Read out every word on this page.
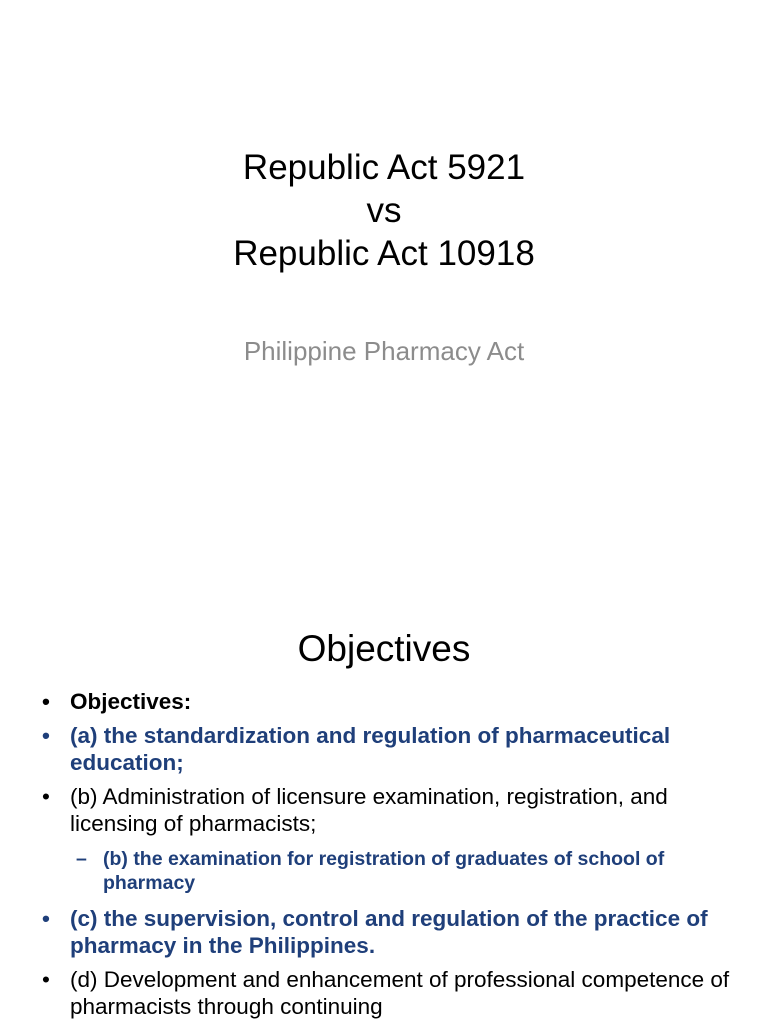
Republic Act 5921
vs
Republic Act 10918
Philippine Pharmacy Act
Objectives
• Objectives:
• (a) the standardization and regulation of pharmaceutical education;
• (b) Administration of licensure examination, registration, and licensing of pharmacists;
– (b) the examination for registration of graduates of school of pharmacy
• (c) the supervision, control and regulation of the practice of pharmacy in the Philippines.
• (d) Development and enhancement of professional competence of pharmacists through continuing
